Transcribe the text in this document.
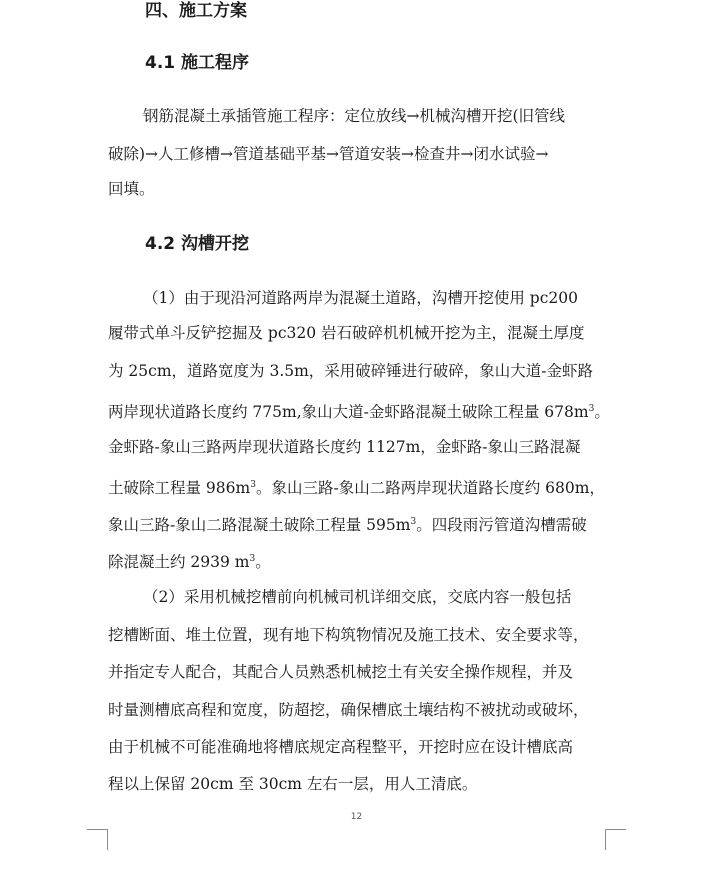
四、施工方案
4.1 施工程序

钢筋混凝土承插管施工程序：定位放线→机械沟槽开挖(旧管线

破除)→人工修槽→管道基础平基→管道安装→检查井→闭水试验→

回填。

4.2 沟槽开挖

（1）由于现沿河道路两岸为混凝土道路，沟槽开挖使用 pc200

履带式单斗反铲挖掘及 pc320 岩石破碎机机械开挖为主，混凝土厚度

为 25cm，道路宽度为 3.5m，采用破碎锤进行破碎，象山大道-金虾路

两岸现状道路长度约 775m,象山大道-金虾路混凝土破除工程量 $678m^3$。

金虾路-象山三路两岸现状道路长度约 1127m，金虾路-象山三路混凝

土破除工程量 $986m^3$。象山三路-象山二路两岸现状道路长度约 680m，

象山三路-象山二路混凝土破除工程量 $595m^3$。四段雨污管道沟槽需破

除混凝土约 2939 $m^3$。

（2）采用机械挖槽前向机械司机详细交底，交底内容一般包括

挖槽断面、堆土位置，现有地下构筑物情况及施工技术、安全要求等，

并指定专人配合，其配合人员熟悉机械挖土有关安全操作规程，并及

时量测槽底高程和宽度，防超挖，确保槽底土壤结构不被扰动或破坏，

由于机械不可能准确地将槽底规定高程整平，开挖时应在设计槽底高

程以上保留 20cm 至 30cm 左右一层，用人工清底。

12
